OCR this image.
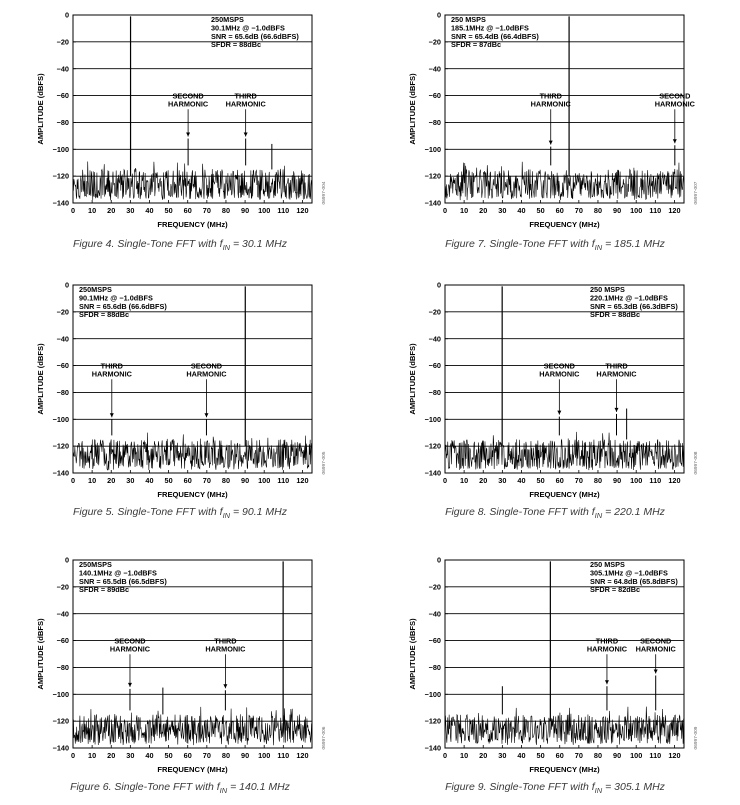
SECOND HARMONIC
THIRD HARMONIC
0
−20
−40
−60
−80
−100
−120
−140
0 10 20 30 40 50 60 70 80 90 100 110 120
FREQUENCY (MHz)
AMPLITUDE (dBFS)
250MSPS 30.1MHz @ −1.0dBFS SNR = 65.6dB (66.6dBFS) SFDR = 88dBc
06997-004
Figure 4. Single-Tone FFT with $f_{IN} = 30.1$ MHz
THIRD HARMONIC
SECOND HARMONIC
0
−20
−40
−60
−80
−100
−120
−140
0 10 20 30 40 50 60 70 80 90 100 110 120
FREQUENCY (MHz)
AMPLITUDE (dBFS)
250 MSPS 185.1MHz @ −1.0dBFS SNR = 65.4dB (66.4dBFS) SFDR = 87dBc
06997-007
Figure 7. Single-Tone FFT with $f_{IN} = 185.1$ MHz
THIRD HARMONIC
SECOND HARMONIC
0
−20
−40
−60
−80
−100
−120
−140
0 10 20 30 40 50 60 70 80 90 100 110 120
FREQUENCY (MHz)
AMPLITUDE (dBFS)
250MSPS 90.1MHz @ −1.0dBFS SNR = 65.6dB (66.6dBFS) SFDR = 88dBc
06997-005
Figure 5. Single-Tone FFT with $f_{IN} = 90.1$ MHz
SECOND HARMONIC
THIRD HARMONIC
0
−20
−40
−60
−80
−100
−120
−140
0 10 20 30 40 50 60 70 80 90 100 110 120
FREQUENCY (MHz)
AMPLITUDE (dBFS)
250 MSPS 220.1MHz @ −1.0dBFS SNR = 65.3dB (66.3dBFS) SFDR = 88dBc
06997-008
Figure 8. Single-Tone FFT with $f_{IN} = 220.1$ MHz
SECOND HARMONIC
THIRD HARMONIC
0
−20
−40
−60
−80
−100
−120
−140
0 10 20 30 40 50 60 70 80 90 100 110 120
FREQUENCY (MHz)
AMPLITUDE (dBFS)
250MSPS 140.1MHz @ −1.0dBFS SNR = 65.5dB (66.5dBFS) SFDR = 89dBc
06997-006
Figure 6. Single-Tone FFT with $f_{IN} = 140.1$ MHz
THIRD HARMONIC
SECOND HARMONIC
0
−20
−40
−60
−80
−100
−120
−140
0 10 20 30 40 50 60 70 80 90 100 110 120
FREQUENCY (MHz)
AMPLITUDE (dBFS)
250 MSPS 305.1MHz @ −1.0dBFS SNR = 64.8dB (65.8dBFS) SFDR = 82dBc
06997-009
Figure 9. Single-Tone FFT with $f_{IN} = 305.1$ MHz
